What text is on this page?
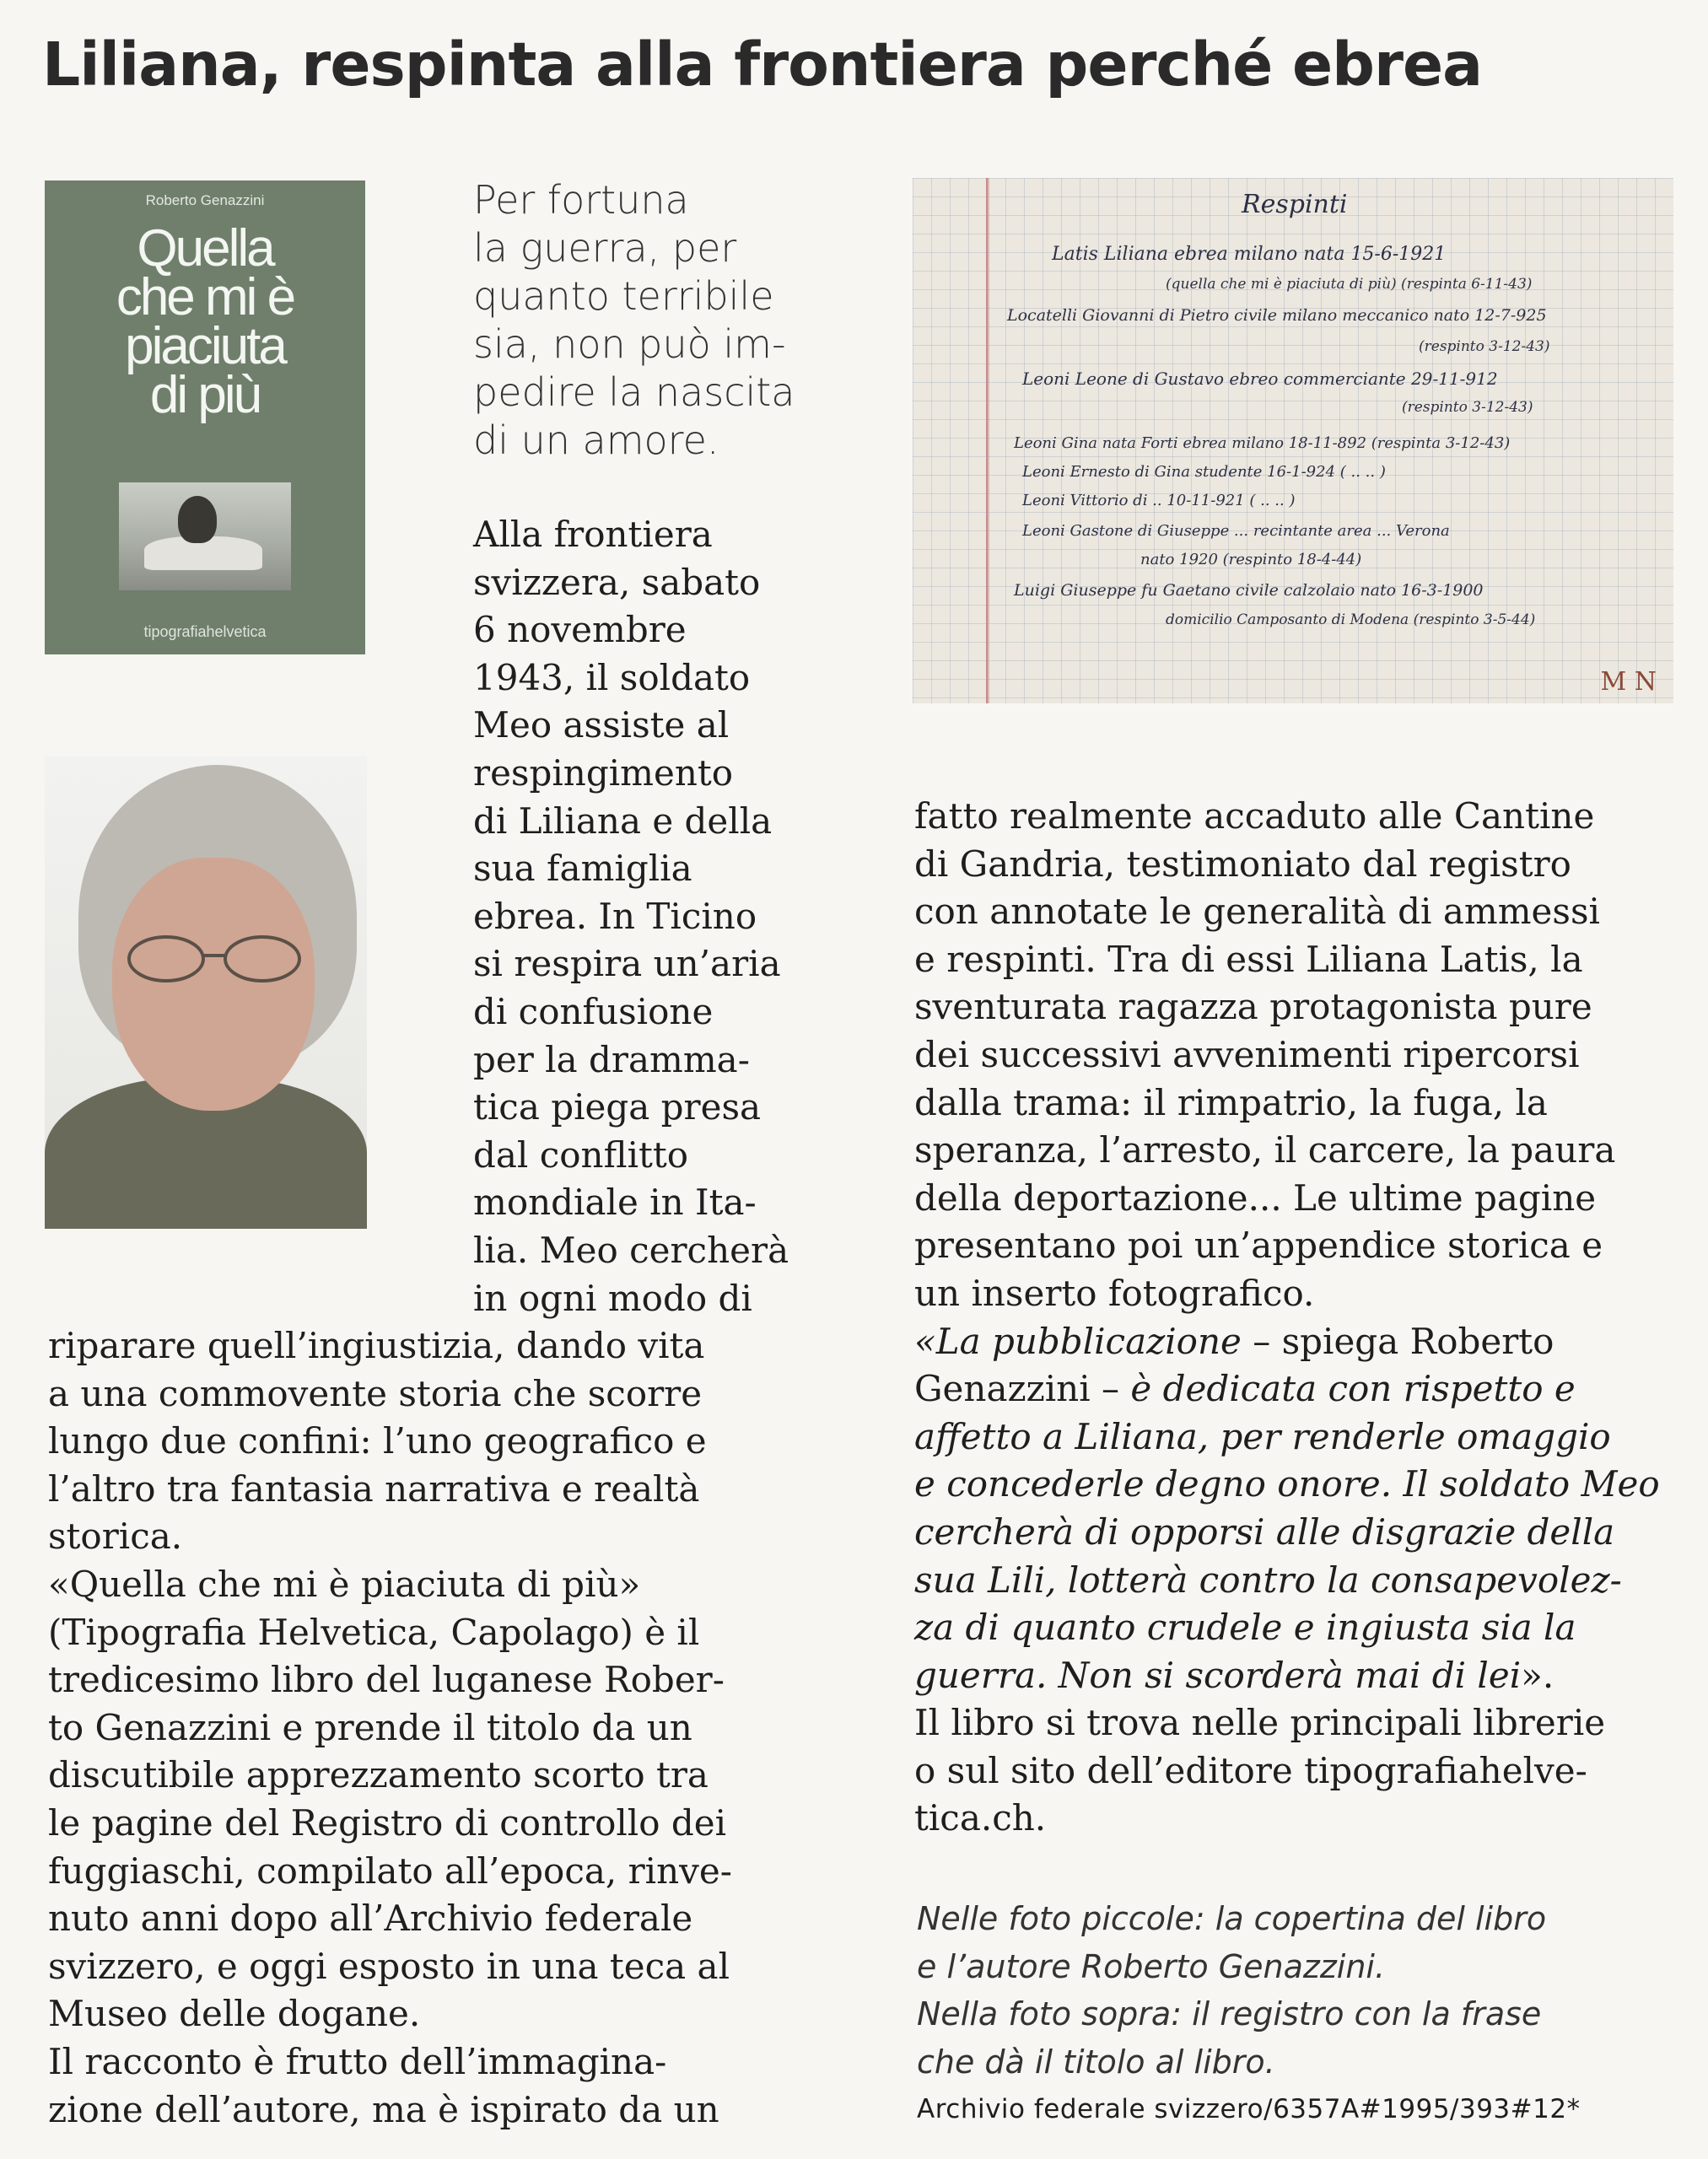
Liliana, respinta alla frontiera perché ebrea
Roberto Genazzini
Quella
che mi è
piaciuta
di più
tipografiahelvetica
Respinti
Latis Liliana ebrea milano nata 15-6-1921
(quella che mi è piaciuta di più) (respinta 6-11-43)
Locatelli Giovanni di Pietro civile milano meccanico nato 12-7-925
(respinto 3-12-43)
Leoni Leone di Gustavo ebreo commerciante 29-11-912
(respinto 3-12-43)
Leoni Gina nata Forti ebrea milano 18-11-892 (respinta 3-12-43)
Leoni Ernesto di Gina studente 16-1-924 ( .. .. )
Leoni Vittorio di .. 10-11-921 ( .. .. )
Leoni Gastone di Giuseppe ... recintante area ... Verona
nato 1920 (respinto 18-4-44)
Luigi Giuseppe fu Gaetano civile calzolaio nato 16-3-1900
domicilio Camposanto di Modena (respinto 3-5-44)
M N
Per fortuna
la guerra, per
quanto terribile
sia, non può im-
pedire la nascita
di un amore.
Alla frontiera
svizzera, sabato
6 novembre
1943, il soldato
Meo assiste al
respingimento
di Liliana e della
sua famiglia
ebrea. In Ticino
si respira un’aria
di confusione
per la dramma-
tica piega presa
dal conflitto
mondiale in Ita-
lia. Meo cercherà
in ogni modo di
riparare quell’ingiustizia, dando vita
a una commovente storia che scorre
lungo due confini: l’uno geografico e
l’altro tra fantasia narrativa e realtà
storica.
«Quella che mi è piaciuta di più»
(Tipografia Helvetica, Capolago) è il
tredicesimo libro del luganese Rober-
to Genazzini e prende il titolo da un
discutibile apprezzamento scorto tra
le pagine del Registro di controllo dei
fuggiaschi, compilato all’epoca, rinve-
nuto anni dopo all’Archivio federale
svizzero, e oggi esposto in una teca al
Museo delle dogane.
Il racconto è frutto dell’immagina-
zione dell’autore, ma è ispirato da un
fatto realmente accaduto alle Cantine
di Gandria, testimoniato dal registro
con annotate le generalità di ammessi
e respinti. Tra di essi Liliana Latis, la
sventurata ragazza protagonista pure
dei successivi avvenimenti ripercorsi
dalla trama: il rimpatrio, la fuga, la
speranza, l’arresto, il carcere, la paura
della deportazione... Le ultime pagine
presentano poi un’appendice storica e
un inserto fotografico.
«La pubblicazione – spiega Roberto
Genazzini – è dedicata con rispetto e
affetto a Liliana, per renderle omaggio
e concederle degno onore. Il soldato Meo
cercherà di opporsi alle disgrazie della
sua Lili, lotterà contro la consapevolez-
za di quanto crudele e ingiusta sia la
guerra. Non si scorderà mai di lei».
Il libro si trova nelle principali librerie
o sul sito dell’editore tipografiahelve-
tica.ch.
Nelle foto piccole: la copertina del libro
e l’autore Roberto Genazzini.
Nella foto sopra: il registro con la frase
che dà il titolo al libro.
Archivio federale svizzero/6357A#1995/393#12*
